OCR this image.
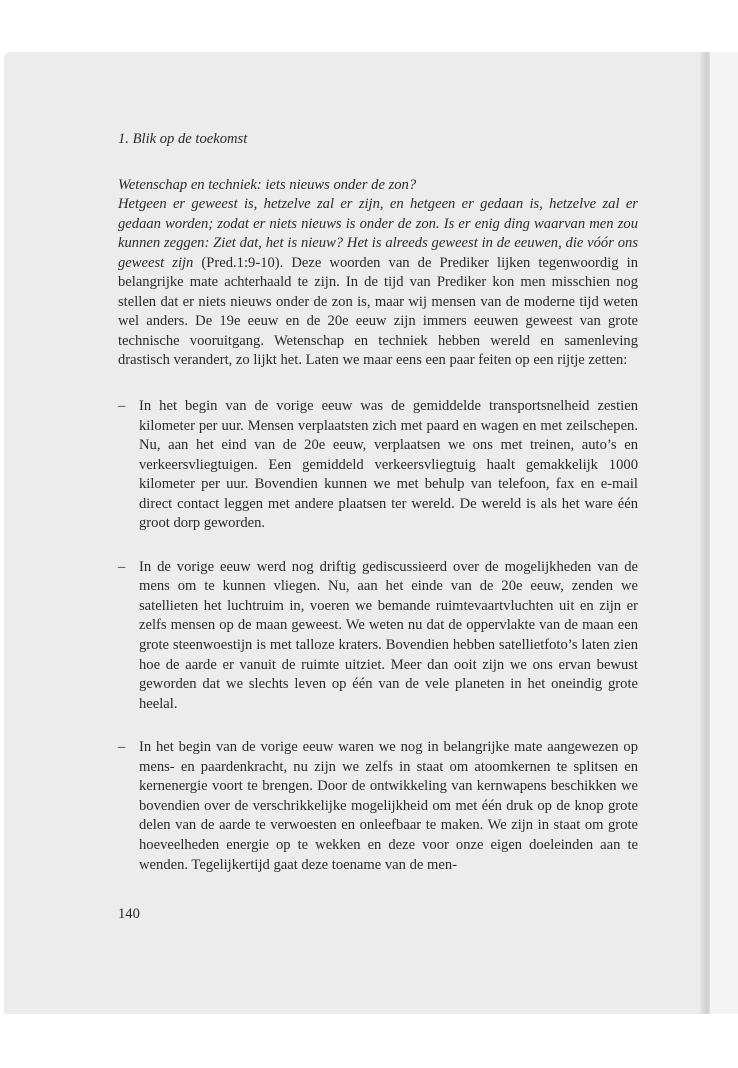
1. Blik op de toekomst

Wetenschap en techniek: iets nieuws onder de zon?

Hetgeen er geweest is, hetzelve zal er zijn, en hetgeen er gedaan is, hetzelve zal er gedaan worden; zodat er niets nieuws is onder de zon. Is er enig ding waarvan men zou kunnen zeggen: Ziet dat, het is nieuw? Het is alreeds geweest in de eeuwen, die vóór ons geweest zijn (Pred.1:9-10). Deze woorden van de Prediker lijken tegenwoordig in belangrijke mate achterhaald te zijn. In de tijd van Prediker kon men misschien nog stellen dat er niets nieuws onder de zon is, maar wij mensen van de moderne tijd weten wel anders. De 19e eeuw en de 20e eeuw zijn immers eeuwen geweest van grote technische vooruitgang. Wetenschap en techniek hebben wereld en samenleving drastisch verandert, zo lijkt het. Laten we maar eens een paar feiten op een rijtje zetten:

– In het begin van de vorige eeuw was de gemiddelde transportsnelheid zestien kilometer per uur. Mensen verplaatsten zich met paard en wagen en met zeilschepen. Nu, aan het eind van de 20e eeuw, verplaatsen we ons met treinen, auto’s en verkeersvliegtuigen. Een gemiddeld verkeersvliegtuig haalt gemakkelijk 1000 kilometer per uur. Bovendien kunnen we met behulp van telefoon, fax en e-mail direct contact leggen met andere plaatsen ter wereld. De wereld is als het ware één groot dorp geworden.
– In de vorige eeuw werd nog driftig gediscussieerd over de mogelijkheden van de mens om te kunnen vliegen. Nu, aan het einde van de 20e eeuw, zenden we satellieten het luchtruim in, voeren we bemande ruimtevaartvluchten uit en zijn er zelfs mensen op de maan geweest. We weten nu dat de oppervlakte van de maan een grote steenwoestijn is met talloze kraters. Bovendien hebben satellietfoto’s laten zien hoe de aarde er vanuit de ruimte uitziet. Meer dan ooit zijn we ons ervan bewust geworden dat we slechts leven op één van de vele planeten in het oneindig grote heelal.
– In het begin van de vorige eeuw waren we nog in belangrijke mate aangewezen op mens- en paardenkracht, nu zijn we zelfs in staat om atoomkernen te splitsen en kernenergie voort te brengen. Door de ontwikkeling van kernwapens beschikken we bovendien over de verschrikkelijke mogelijkheid om met één druk op de knop grote delen van de aarde te verwoesten en onleefbaar te maken. We zijn in staat om grote hoeveelheden energie op te wekken en deze voor onze eigen doeleinden aan te wenden. Tegelijkertijd gaat deze toename van de men-
140
